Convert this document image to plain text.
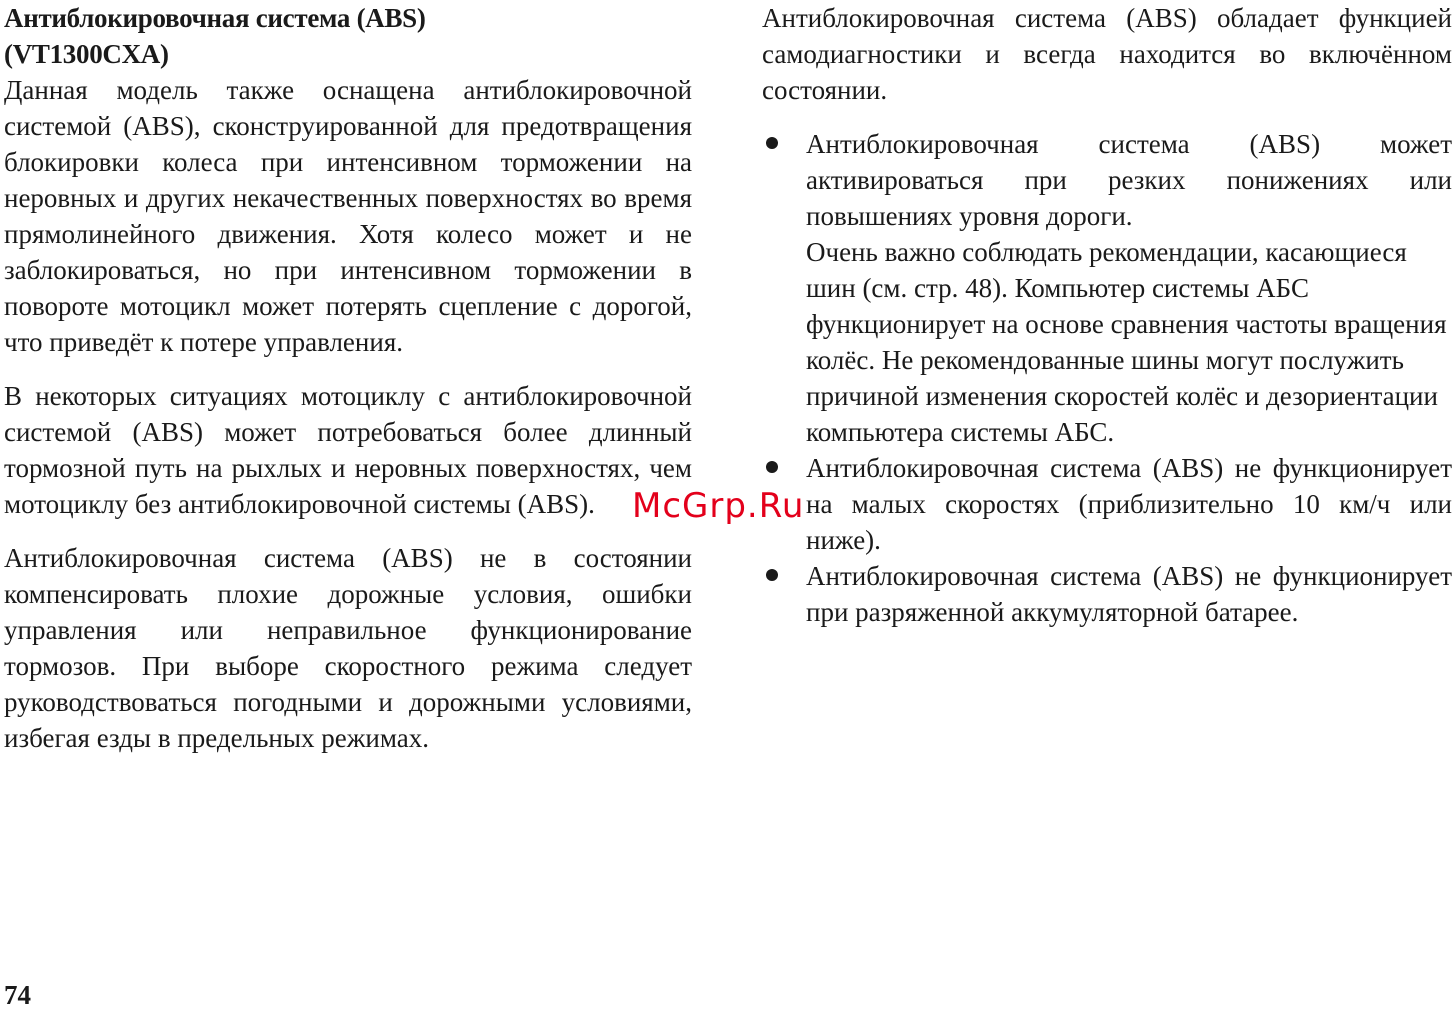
Антиблокировочная система (ABS)
(VT1300CXA)

Данная модель также оснащена антиблокировочной системой (ABS), сконструированной для предотвращения блокировки колеса при интенсивном торможении на неровных и других некачественных поверхностях во время прямолинейного движения. Хотя колесо может и не заблокироваться, но при интенсивном торможении в повороте мотоцикл может потерять сцепление с дорогой, что приведёт к потере управления.

В некоторых ситуациях мотоциклу с антиблокировочной системой (ABS) может потребоваться более длинный тормозной путь на рыхлых и неровных поверхностях, чем мотоциклу без антиблокировочной системы (ABS).

Антиблокировочная система (ABS) не в состоянии компенсировать плохие дорожные условия, ошибки управления или неправильное функционирование тормозов. При выборе скоростного режима следует руководствоваться погодными и дорожными условиями, избегая езды в предельных режимах.

Антиблокировочная система (ABS) обладает функцией самодиагностики и всегда находится во включённом состоянии.

Антиблокировочная система (ABS) может активироваться при резких понижениях или повышениях уровня дороги.
Очень важно соблюдать рекомендации, касающиеся шин (см. стр. 48). Компьютер системы АБС функционирует на основе сравнения частоты вращения колёс. Не рекомендованные шины могут послужить причиной изменения скоростей колёс и дезориентации компьютера системы АБС.
Антиблокировочная система (ABS) не функционирует на малых скоростях (приблизительно 10 км/ч или ниже).
Антиблокировочная система (ABS) не функционирует при разряженной аккумуляторной батарее.
McGrp.Ru
74
